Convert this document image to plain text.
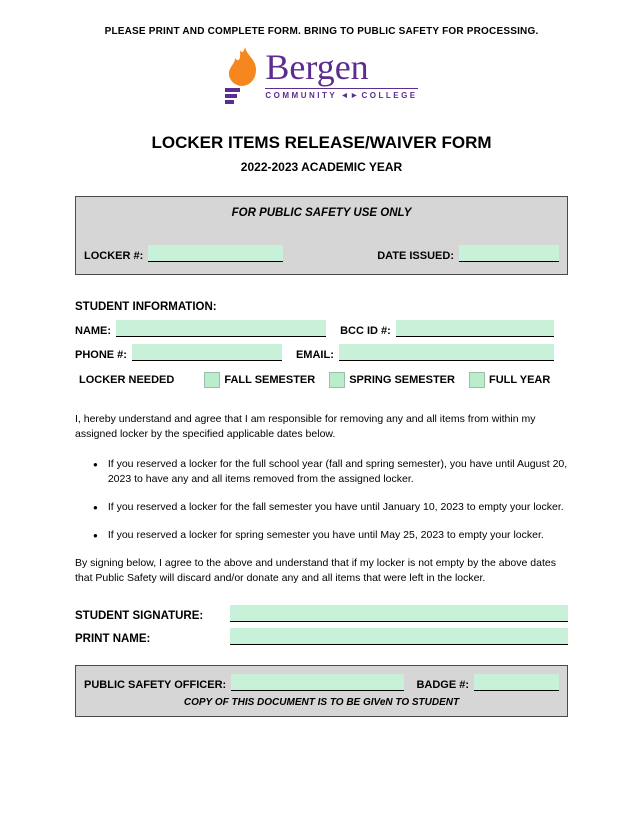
PLEASE PRINT AND COMPLETE FORM. BRING TO PUBLIC SAFETY FOR PROCESSING.
Bergen
COMMUNITY ◀ ▶ COLLEGE
LOCKER ITEMS RELEASE/WAIVER FORM
2022-2023 ACADEMIC YEAR
FOR PUBLIC SAFETY USE ONLY
LOCKER #:	DATE ISSUED:
STUDENT INFORMATION:
NAME:	BCC ID #:
PHONE #:	EMAIL:
LOCKER NEEDED	FALL SEMESTER	SPRING SEMESTER	FULL YEAR
I, hereby understand and agree that I am responsible for removing any and all items from within my assigned locker by the specified applicable dates below.
● If you reserved a locker for the full school year (fall and spring semester), you have until August 20, 2023 to have any and all items removed from the assigned locker.
● If you reserved a locker for the fall semester you have until January 10, 2023 to empty your locker.
● If you reserved a locker for spring semester you have until May 25, 2023 to empty your locker.
By signing below, I agree to the above and understand that if my locker is not empty by the above dates that Public Safety will discard and/or donate any and all items that were left in the locker.
STUDENT SIGNATURE:
PRINT NAME:
PUBLIC SAFETY OFFICER:	BADGE #:
COPY OF THIS DOCUMENT IS TO BE GIVeN TO STUDENT
